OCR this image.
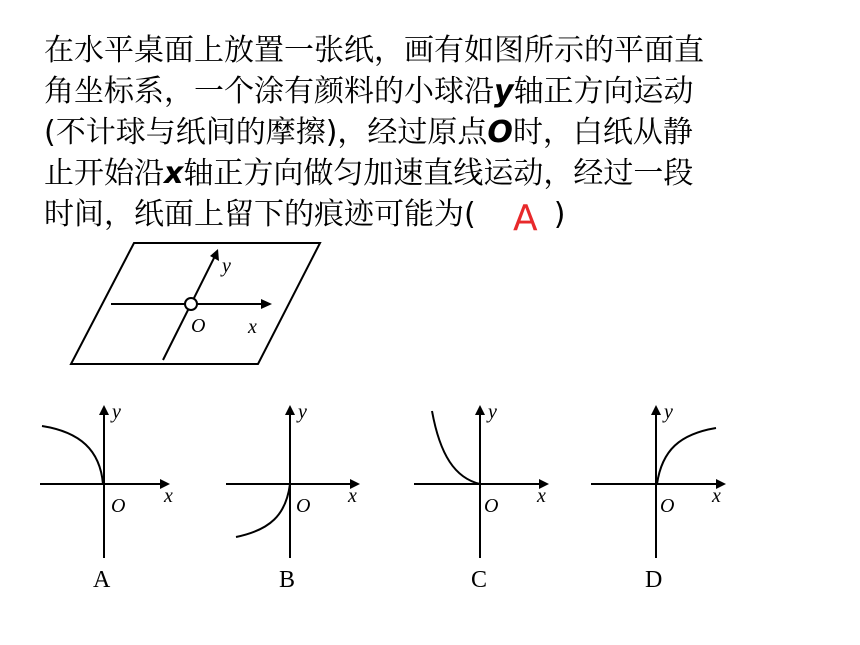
在水平桌面上放置一张纸，画有如图所示的平面直
角坐标系，一个涂有颜料的小球沿y轴正方向运动
(不计球与纸间的摩擦)，经过原点O时，白纸从静
止开始沿x轴正方向做匀加速直线运动，经过一段
时间，纸面上留下的痕迹可能为(	)
A
y
x
O
y
x
O
A
y
x
O
B
y
x
O
C
y
x
O
D
